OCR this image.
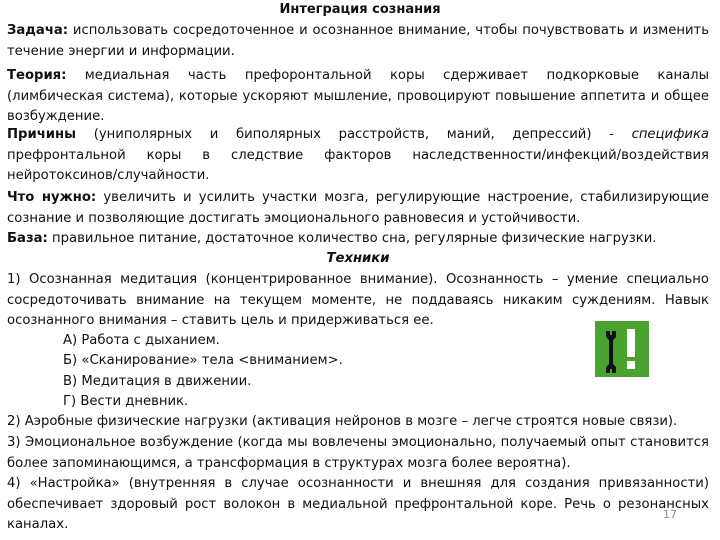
Интеграция сознания

Задача: использовать сосредоточенное и осознанное внимание, чтобы почувствовать и изменить течение энергии и информации.

Теория: медиальная часть префоронтальной коры сдерживает подкорковые каналы (лимбическая система), которые ускоряют мышление, провоцируют повышение аппетита и общее возбуждение.

Причины (униполярных и биполярных расстройств, маний, депрессий) - специфика префронтальной коры в следствие факторов наследственности/инфекций/воздействия нейротоксинов/случайности.

Что нужно: увеличить и усилить участки мозга, регулирующие настроение, стабилизирующие сознание и позволяющие достигать эмоционального равновесия и устойчивости.

База: правильное питание, достаточное количество сна, регулярные физические нагрузки.

Техники

1) Осознанная медитация (концентрированное внимание). Осознанность – умение специально сосредоточивать внимание на текущем моменте, не поддаваясь никаким суждениям. Навык осознанного внимания – ставить цель и придерживаться ее.

А) Работа с дыханием.
Б) «Сканирование» тела <вниманием>.
В) Медитация в движении.
Г) Вести дневник.

2) Аэробные физические нагрузки (активация нейронов в мозге – легче строятся новые связи).

3) Эмоциональное возбуждение (когда мы вовлечены эмоционально, получаемый опыт становится более запоминающимся, а трансформация в структурах мозга более вероятна).

4) «Настройка» (внутренняя в случае осознанности и внешняя для создания привязанности) обеспечивает здоровый рост волокон в медиальной префронтальной коре. Речь о резонансных каналах.

17
